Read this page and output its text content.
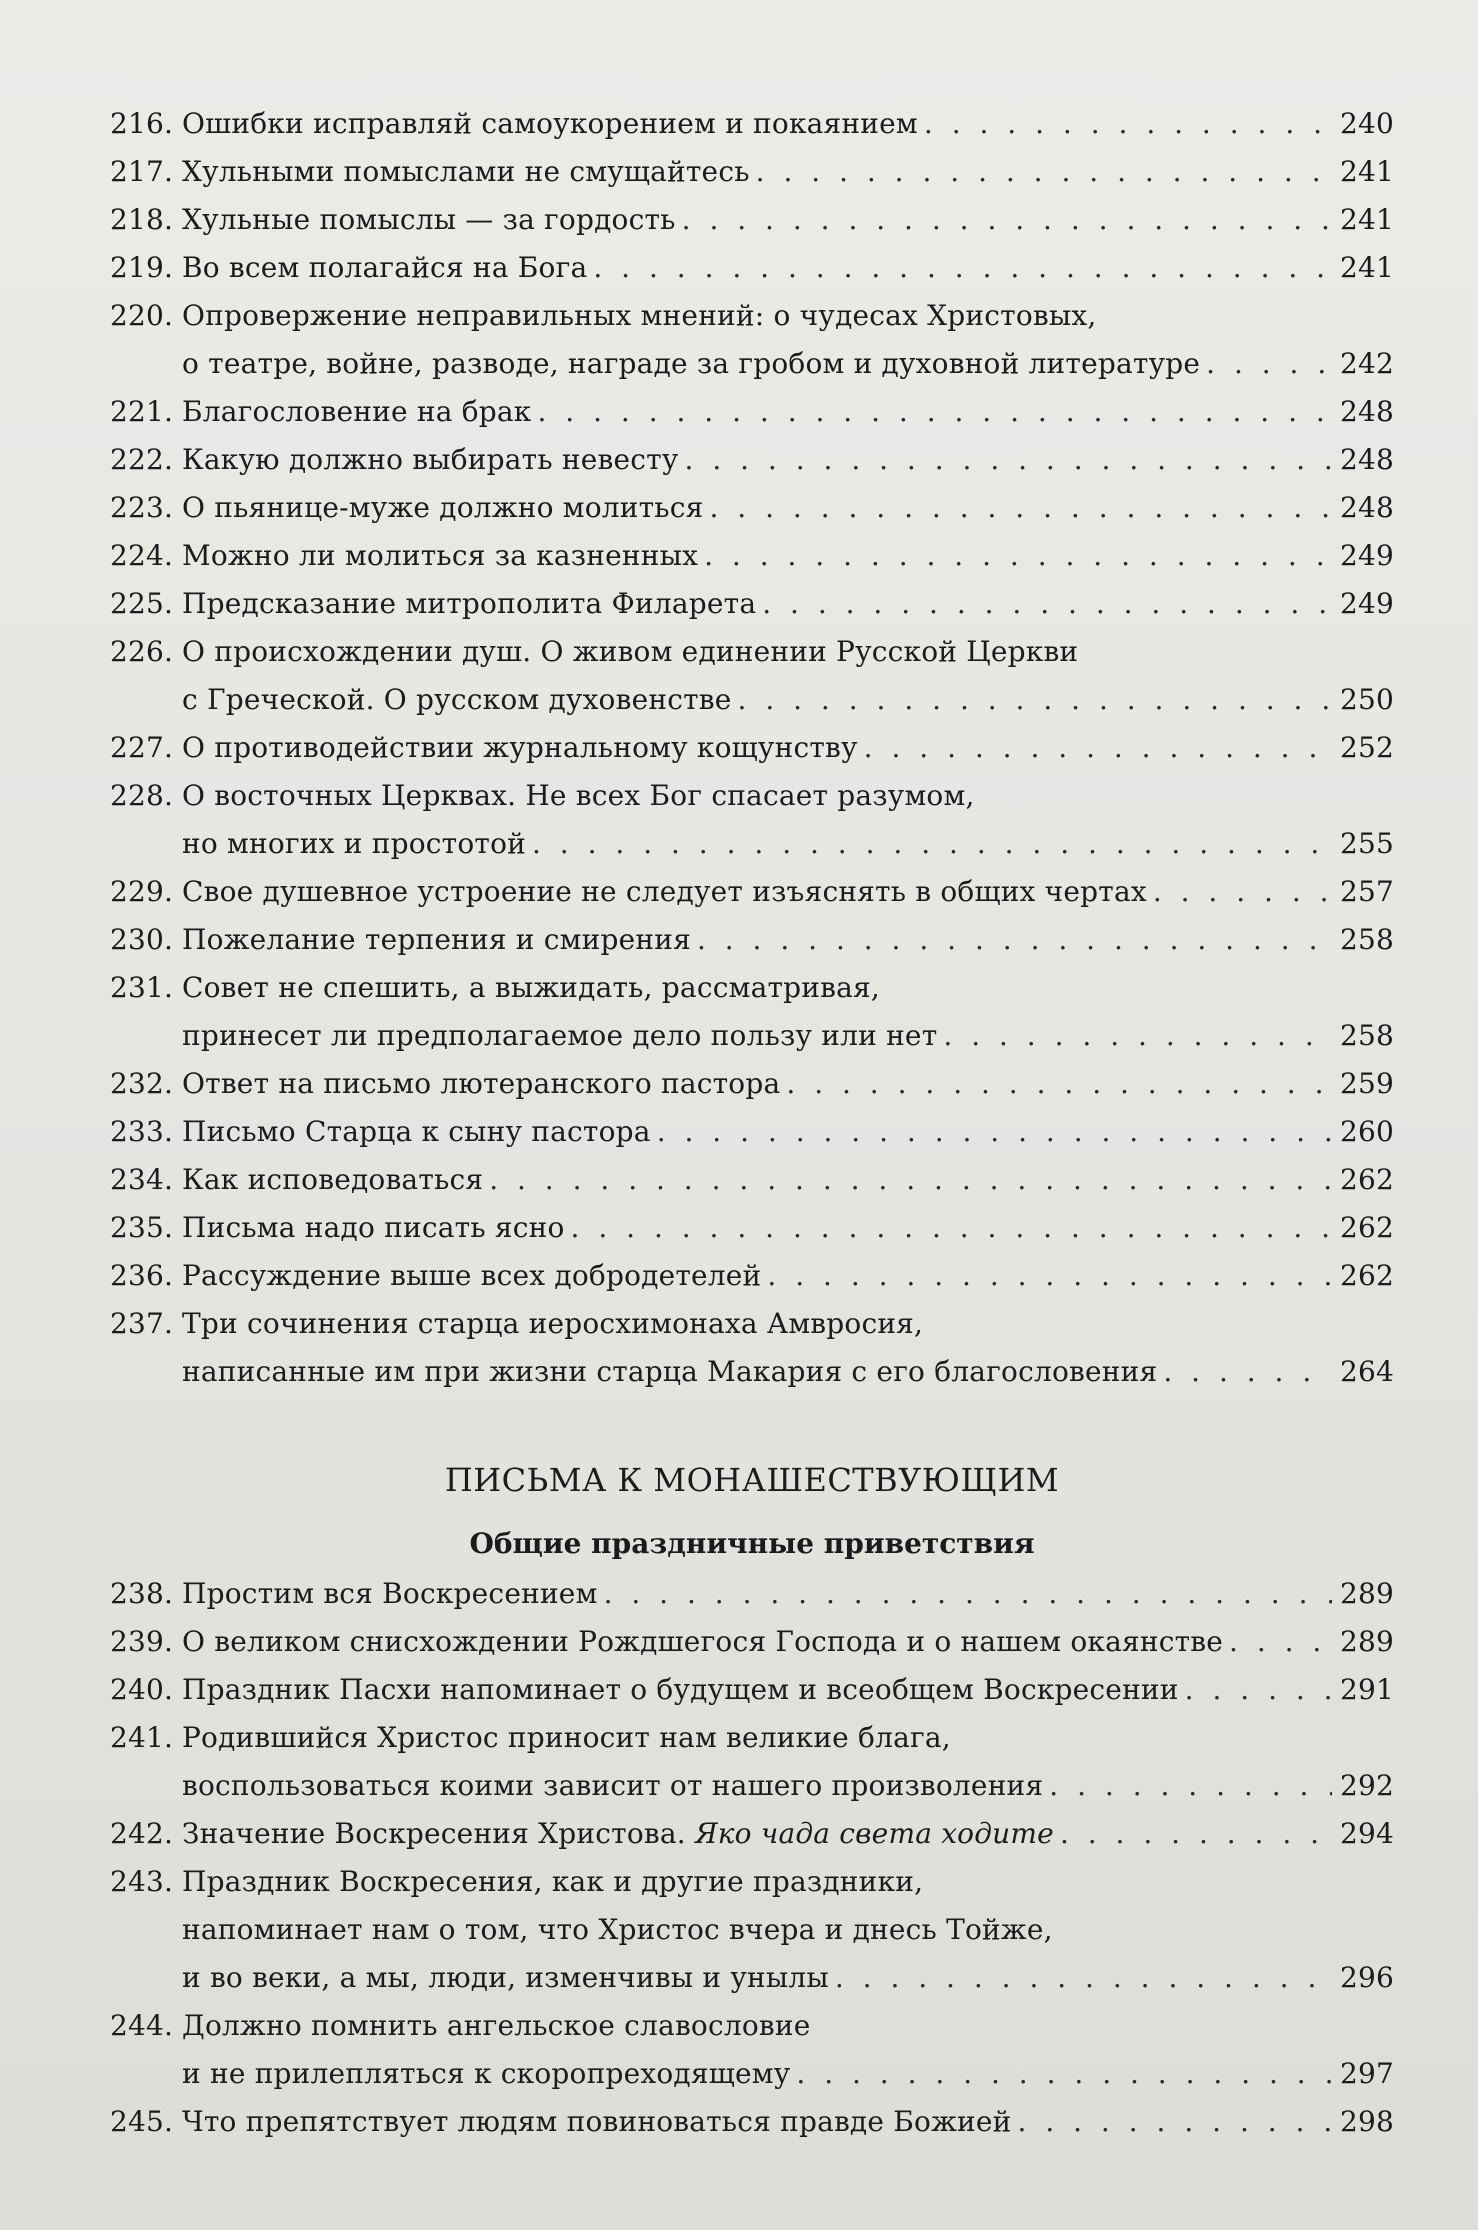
216. Ошибки исправляй самоукорением и покаянием . . .	240
217. Хульными помыслами не смущайтесь . . .	241
218. Хульные помыслы — за гордость . . .	241
219. Во всем полагайся на Бога . . .	241
220. Опровержение неправильных мнений: о чудесах Христовых,
о театре, войне, разводе, награде за гробом и духовной литературе . . .	242
221. Благословение на брак . . .	248
222. Какую должно выбирать невесту . . .	248
223. О пьянице-муже должно молиться . . .	248
224. Можно ли молиться за казненных . . .	249
225. Предсказание митрополита Филарета . . .	249
226. О происхождении душ. О живом единении Русской Церкви
с Греческой. О русском духовенстве . . .	250
227. О противодействии журнальному кощунству . . .	252
228. О восточных Церквах. Не всех Бог спасает разумом,
но многих и простотой . . .	255
229. Свое душевное устроение не следует изъяснять в общих чертах . . .	257
230. Пожелание терпения и смирения . . .	258
231. Совет не спешить, а выжидать, рассматривая,
принесет ли предполагаемое дело пользу или нет . . .	258
232. Ответ на письмо лютеранского пастора . . .	259
233. Письмо Старца к сыну пастора . . .	260
234. Как исповедоваться . . .	262
235. Письма надо писать ясно . . .	262
236. Рассуждение выше всех добродетелей . . .	262
237. Три сочинения старца иеросхимонаха Амвросия,
написанные им при жизни старца Макария с его благословения . . .	264
ПИСЬМА К МОНАШЕСТВУЮЩИМ
Общие праздничные приветствия
238. Простим вся Воскресением . . .	289
239. О великом снисхождении Рождшегося Господа и о нашем окаянстве . . .	289
240. Праздник Пасхи напоминает о будущем и всеобщем Воскресении . . .	291
241. Родившийся Христос приносит нам великие блага,
воспользоваться коими зависит от нашего произволения . . .	292
242. Значение Воскресения Христова.
Яко чада света ходите . . .	294
243. Праздник Воскресения, как и другие праздники,
напоминает нам о том, что Христос вчера и днесь Тойже,
и во веки, а мы, люди, изменчивы и унылы . . .	296
244. Должно помнить ангельское славословие
и не прилепляться к скоропреходящему . . .	297
245. Что препятствует людям повиноваться правде Божией . . .	298
